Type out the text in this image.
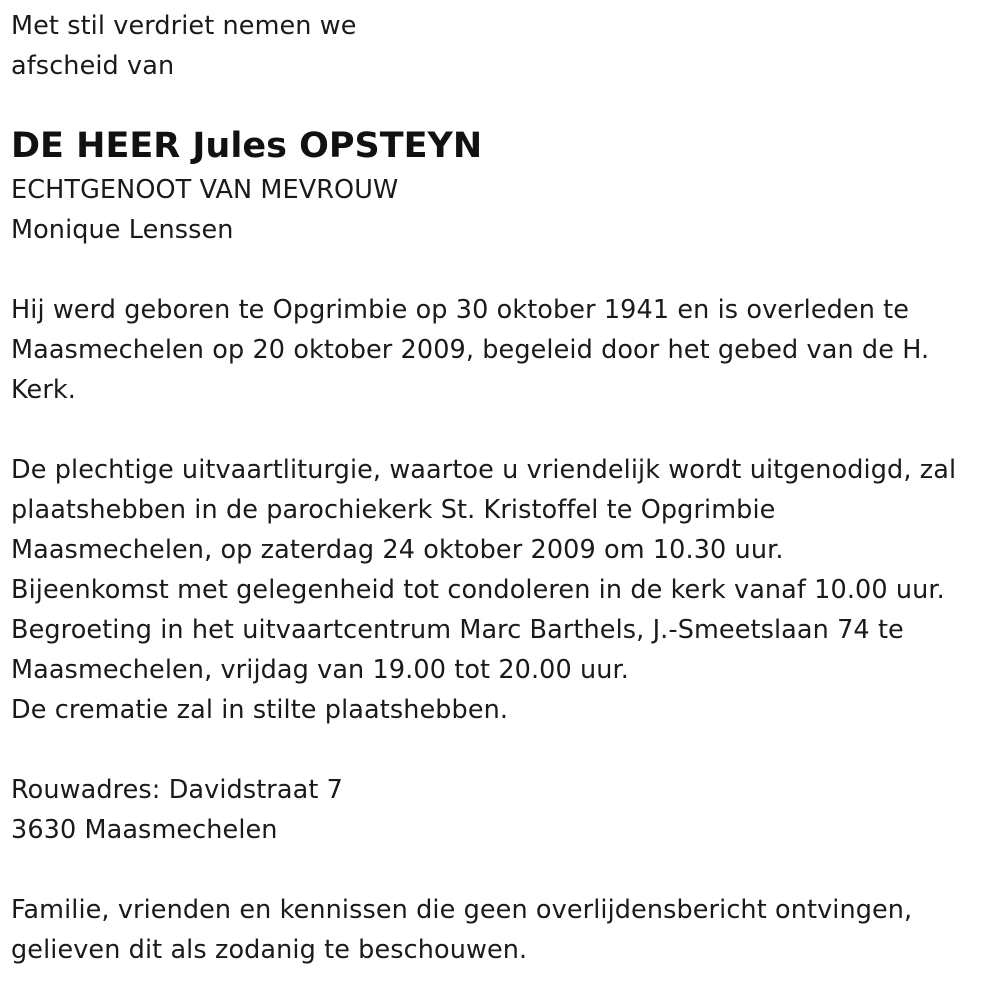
Met stil verdriet nemen we
afscheid van
DE HEER Jules OPSTEYN
ECHTGENOOT VAN MEVROUW
Monique Lenssen
Hij werd geboren te Opgrimbie op 30 oktober 1941 en is overleden te
Maasmechelen op 20 oktober 2009, begeleid door het gebed van de H.
Kerk.
De plechtige uitvaartliturgie, waartoe u vriendelijk wordt uitgenodigd, zal
plaatshebben in de parochiekerk St. Kristoffel te Opgrimbie
Maasmechelen, op zaterdag 24 oktober 2009 om 10.30 uur.
Bijeenkomst met gelegenheid tot condoleren in de kerk vanaf 10.00 uur.
Begroeting in het uitvaartcentrum Marc Barthels, J.-Smeetslaan 74 te
Maasmechelen, vrijdag van 19.00 tot 20.00 uur.
De crematie zal in stilte plaatshebben.
Rouwadres: Davidstraat 7
3630 Maasmechelen
Familie, vrienden en kennissen die geen overlijdensbericht ontvingen,
gelieven dit als zodanig te beschouwen.
